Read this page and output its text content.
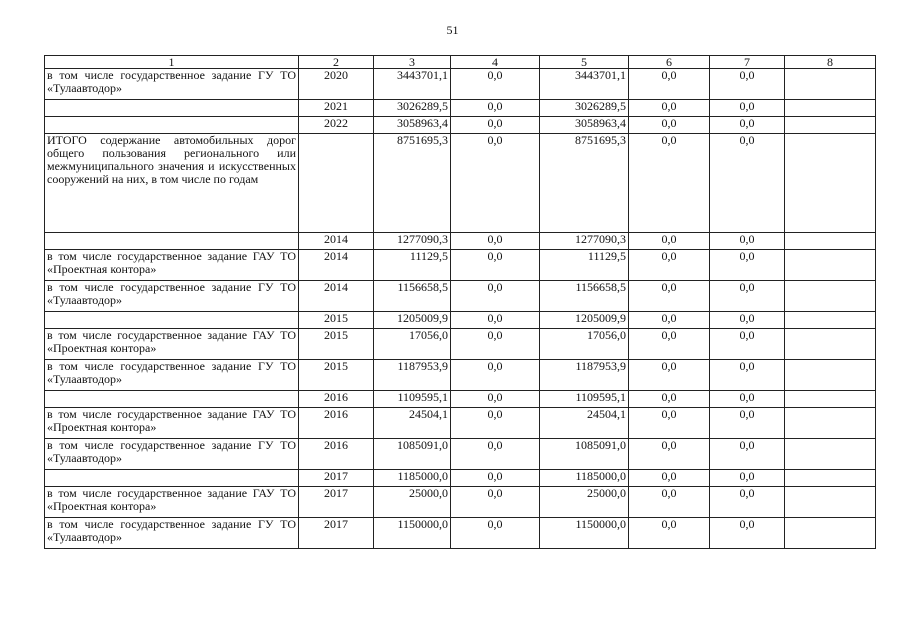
51
1	2	3	4	5	6	7	8
в том числе государственное задание ГУ ТО «Тулаавтодор»	2020	3443701,1	0,0	3443701,1	0,0	0,0	
	2021	3026289,5	0,0	3026289,5	0,0	0,0	
	2022	3058963,4	0,0	3058963,4	0,0	0,0	
ИТОГО содержание автомобильных дорог общего пользования регионального или межмуниципального значения и искусственных сооружений на них, в том числе по годам		8751695,3	0,0	8751695,3	0,0	0,0	
	2014	1277090,3	0,0	1277090,3	0,0	0,0	
в том числе государственное задание ГАУ ТО «Проектная контора»	2014	11129,5	0,0	11129,5	0,0	0,0	
в том числе государственное задание ГУ ТО «Тулаавтодор»	2014	1156658,5	0,0	1156658,5	0,0	0,0	
	2015	1205009,9	0,0	1205009,9	0,0	0,0	
в том числе государственное задание ГАУ ТО «Проектная контора»	2015	17056,0	0,0	17056,0	0,0	0,0	
в том числе государственное задание ГУ ТО «Тулаавтодор»	2015	1187953,9	0,0	1187953,9	0,0	0,0	
	2016	1109595,1	0,0	1109595,1	0,0	0,0	
в том числе государственное задание ГАУ ТО «Проектная контора»	2016	24504,1	0,0	24504,1	0,0	0,0	
в том числе государственное задание ГУ ТО «Тулаавтодор»	2016	1085091,0	0,0	1085091,0	0,0	0,0	
	2017	1185000,0	0,0	1185000,0	0,0	0,0	
в том числе государственное задание ГАУ ТО «Проектная контора»	2017	25000,0	0,0	25000,0	0,0	0,0	
в том числе государственное задание ГУ ТО «Тулаавтодор»	2017	1150000,0	0,0	1150000,0	0,0	0,0	
